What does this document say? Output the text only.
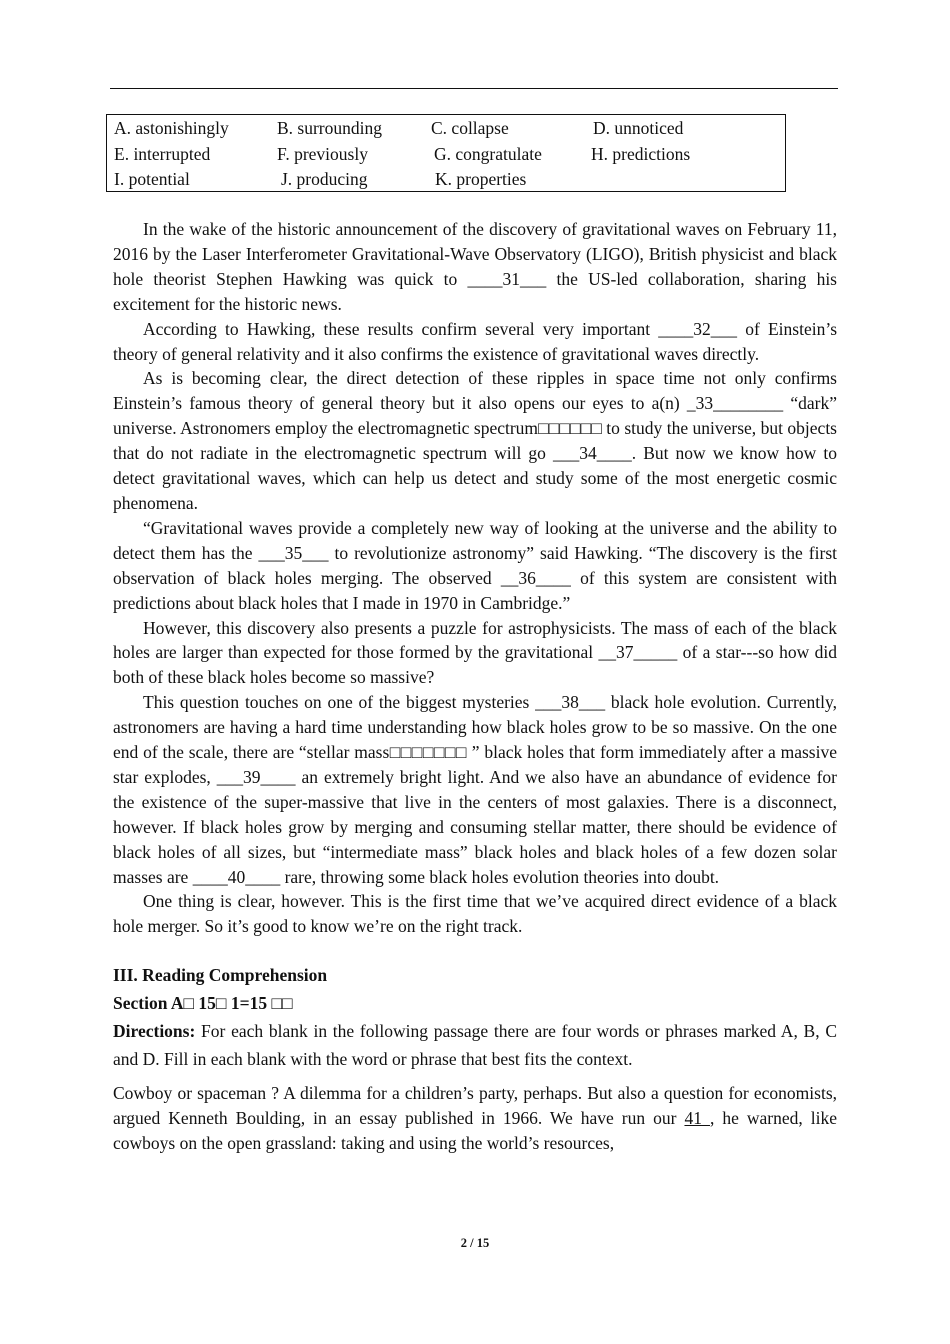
A. astonishingly	B. surrounding	C. collapse	D. unnoticed
E. interrupted	F. previously	G. congratulate	H. predictions
I. potential	J. producing	K. properties

In the wake of the historic announcement of the discovery of gravitational waves on February 11, 2016 by the Laser Interferometer Gravitational-Wave Observatory (LIGO), British physicist and black hole theorist Stephen Hawking was quick to ____31___ the US-led collaboration, sharing his excitement for the historic news.

According to Hawking, these results confirm several very important ____32___ of Einstein’s theory of general relativity and it also confirms the existence of gravitational waves directly.

As is becoming clear, the direct detection of these ripples in space time not only confirms Einstein’s famous theory of general theory but it also opens our eyes to a(n) _33________ “dark” universe. Astronomers employ the electromagnetic spectrum□□□□□□ to study the universe, but objects that do not radiate in the electromagnetic spectrum will go ___34____. But now we know how to detect gravitational waves, which can help us detect and study some of the most energetic cosmic phenomena.

“Gravitational waves provide a completely new way of looking at the universe and the ability to detect them has the ___35___ to revolutionize astronomy” said Hawking. “The discovery is the first observation of black holes merging. The observed __36____ of this system are consistent with predictions about black holes that I made in 1970 in Cambridge.”

However, this discovery also presents a puzzle for astrophysicists. The mass of each of the black holes are larger than expected for those formed by the gravitational __37_____ of a star---so how did both of these black holes become so massive?

This question touches on one of the biggest mysteries ___38___ black hole evolution. Currently, astronomers are having a hard time understanding how black holes grow to be so massive. On the one end of the scale, there are “stellar mass□□□□□□□ ” black holes that form immediately after a massive star explodes, ___39____ an extremely bright light. And we also have an abundance of evidence for the existence of the super-massive that live in the centers of most galaxies. There is a disconnect, however. If black holes grow by merging and consuming stellar matter, there should be evidence of black holes of all sizes, but “intermediate mass” black holes and black holes of a few dozen solar masses are ____40____ rare, throwing some black holes evolution theories into doubt.

One thing is clear, however. This is the first time that we’ve acquired direct evidence of a black hole merger. So it’s good to know we’re on the right track.

III. Reading Comprehension

Section A□ 15□ 1=15 □□

Directions: For each blank in the following passage there are four words or phrases marked A, B, C and D. Fill in each blank with the word or phrase that best fits the context.

Cowboy or spaceman ? A dilemma for a children’s party, perhaps. But also a question for economists, argued Kenneth Boulding, in an essay published in 1966. We have run our 41 , he warned, like cowboys on the open grassland: taking and using the world’s resources,

2 / 15
